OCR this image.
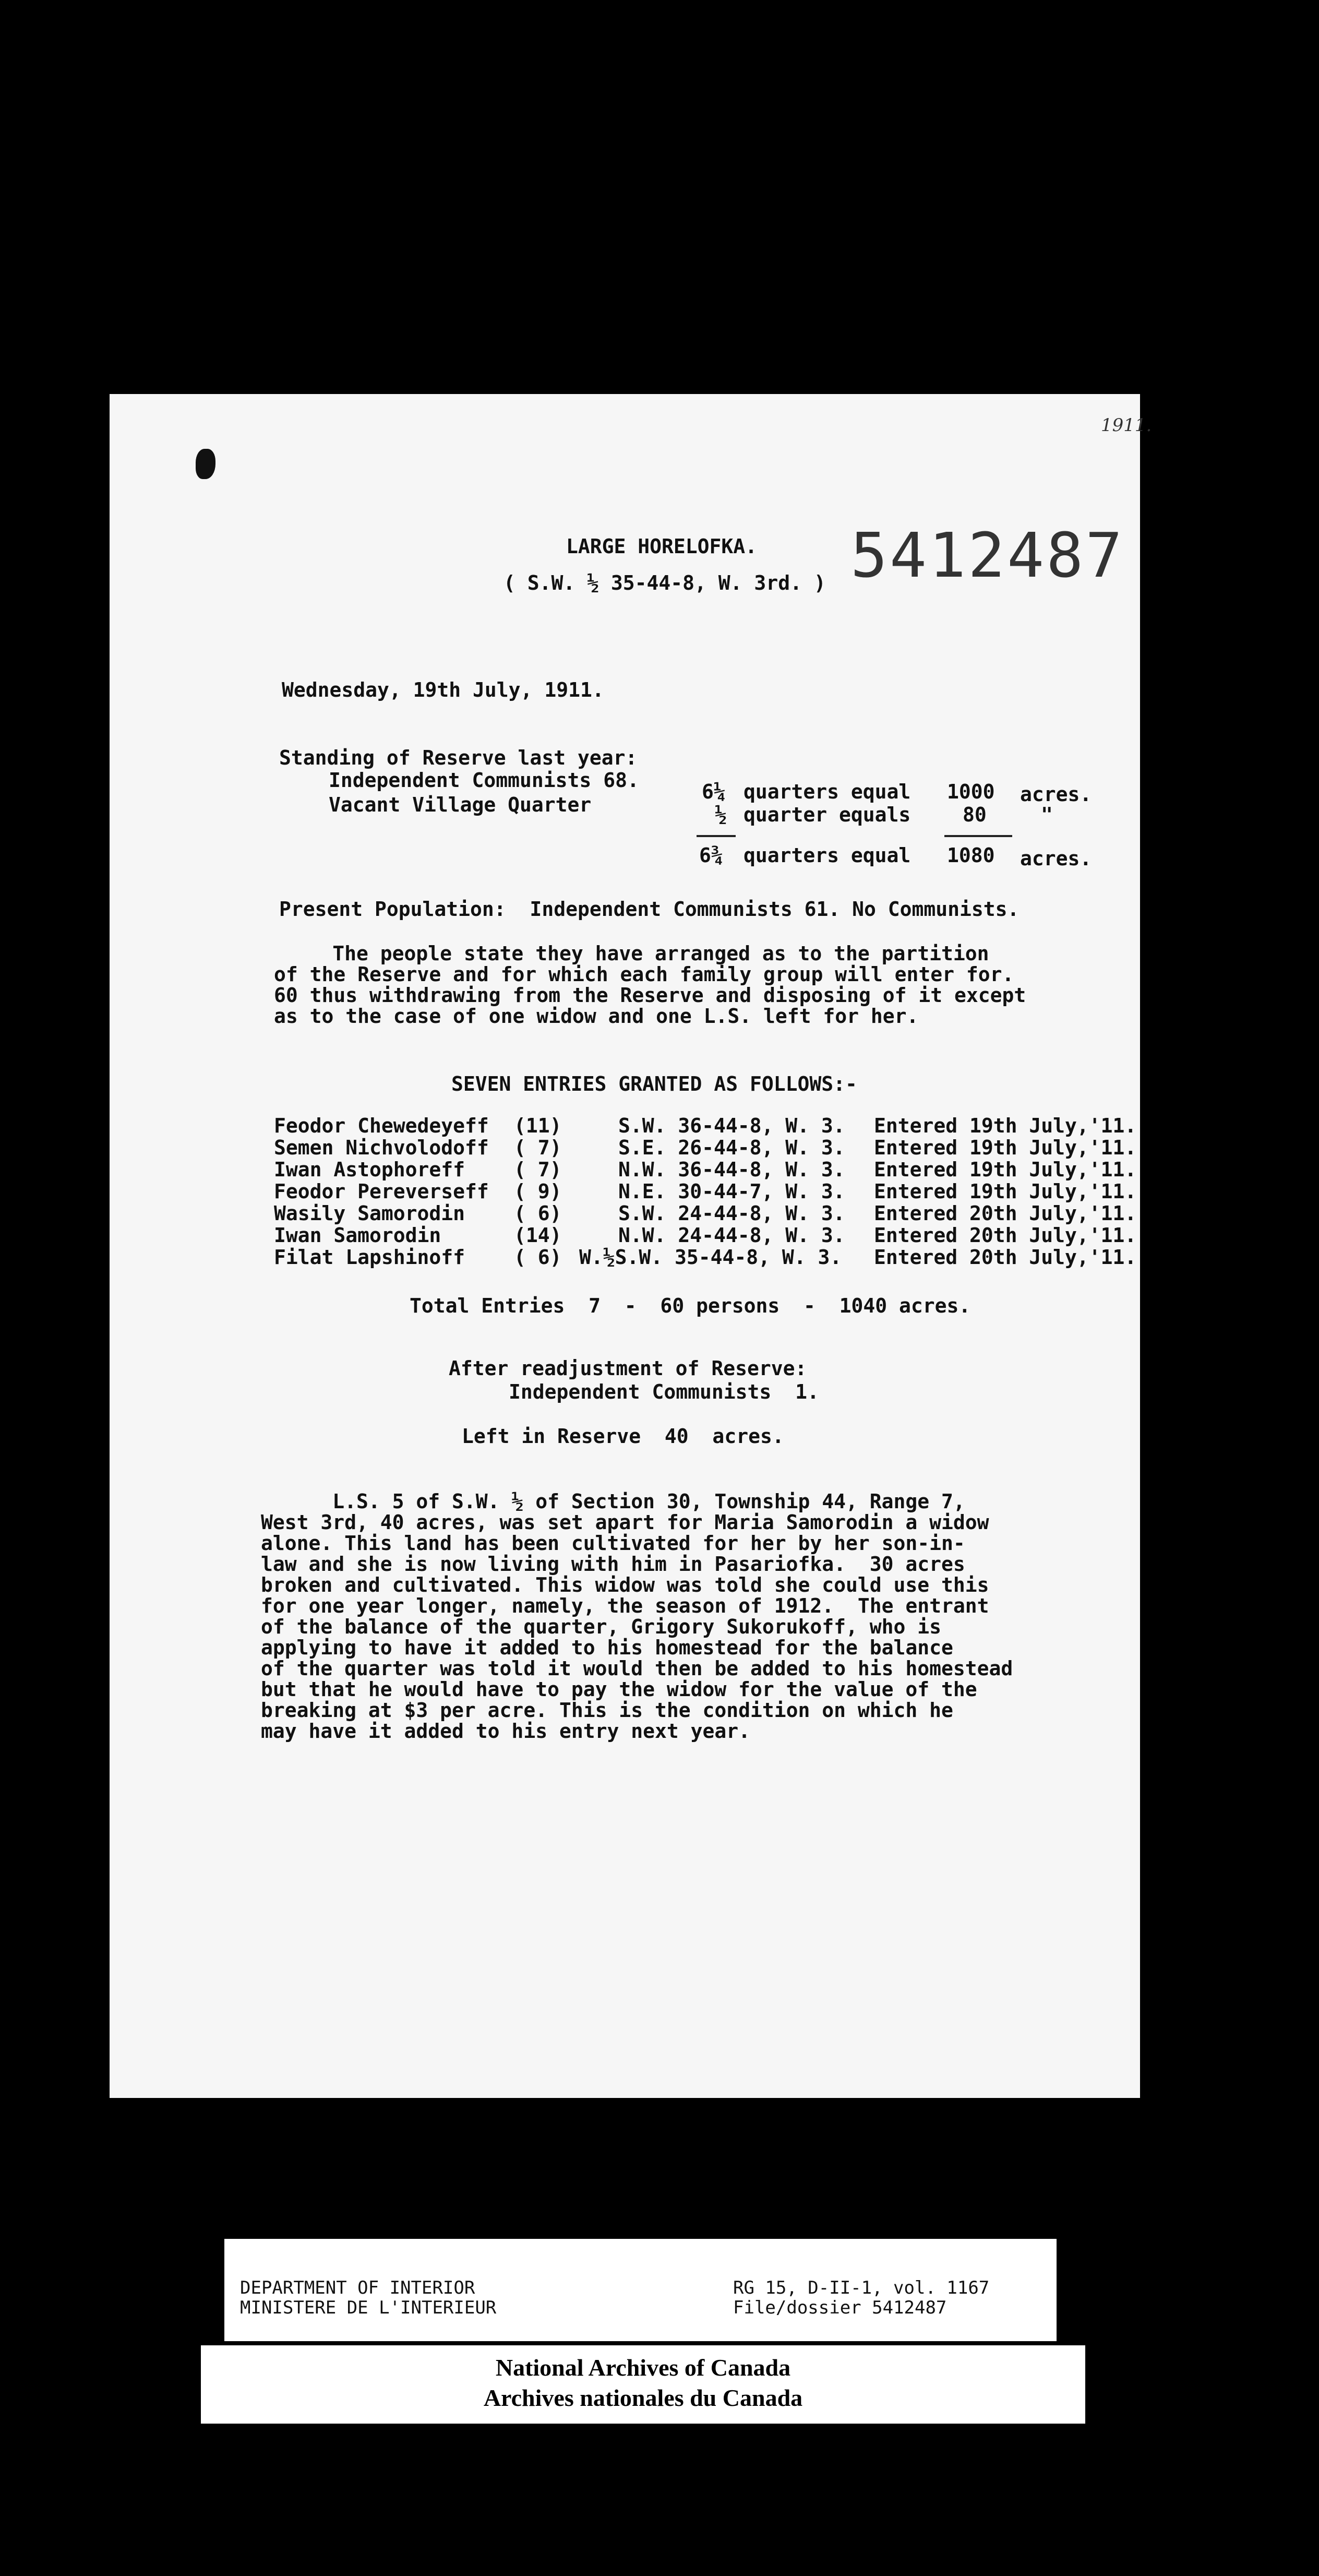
1911.
5412487
LARGE HORELOFKA.
( S.W. ½ 35-44-8, W. 3rd. )
Wednesday, 19th July, 1911.
Standing of Reserve last year:
Independent Communists 68.	6¼ quarters equal 1000 acres.
Vacant Village Quarter	½ quarter equals	80	"
6¾ quarters equal 1080 acres.
Present Population:  Independent Communists 61. No Communists.
The people state they have arranged as to the partition
of the Reserve and for which each family group will enter for.
60 thus withdrawing from the Reserve and disposing of it except
as to the case of one widow and one L.S. left for her.
SEVEN ENTRIES GRANTED AS FOLLOWS:-
Feodor Chewedeyeff (11)	S.W. 36-44-8, W. 3. Entered 19th July,'11.
Semen Nichvolodoff ( 7)	S.E. 26-44-8, W. 3. Entered 19th July,'11.
Iwan Astophoreff ( 7)	N.W. 36-44-8, W. 3. Entered 19th July,'11.
Feodor Pereverseff ( 9)	N.E. 30-44-7, W. 3. Entered 19th July,'11.
Wasily Samorodin ( 6)	S.W. 24-44-8, W. 3. Entered 20th July,'11.
Iwan Samorodin	(14)	N.W. 24-44-8, W. 3. Entered 20th July,'11.
Filat Lapshinoff ( 6) W.½S.W. 35-44-8, W. 3. Entered 20th July,'11.
Total Entries  7  -  60 persons  -  1040 acres.
After readjustment of Reserve:
Independent Communists  1.
Left in Reserve  40  acres.
L.S. 5 of S.W. ½ of Section 30, Township 44, Range 7,
West 3rd, 40 acres, was set apart for Maria Samorodin a widow
alone. This land has been cultivated for her by her son-in-
law and she is now living with him in Pasariofka.  30 acres
broken and cultivated. This widow was told she could use this
for one year longer, namely, the season of 1912.  The entrant
of the balance of the quarter, Grigory Sukorukoff, who is
applying to have it added to his homestead for the balance
of the quarter was told it would then be added to his homestead
but that he would have to pay the widow for the value of the
breaking at $3 per acre. This is the condition on which he
may have it added to his entry next year.
DEPARTMENT OF INTERIOR
MINISTERE DE L'INTERIEUR
RG 15, D-II-1, vol. 1167
File/dossier 5412487
National Archives of Canada
Archives nationales du Canada
